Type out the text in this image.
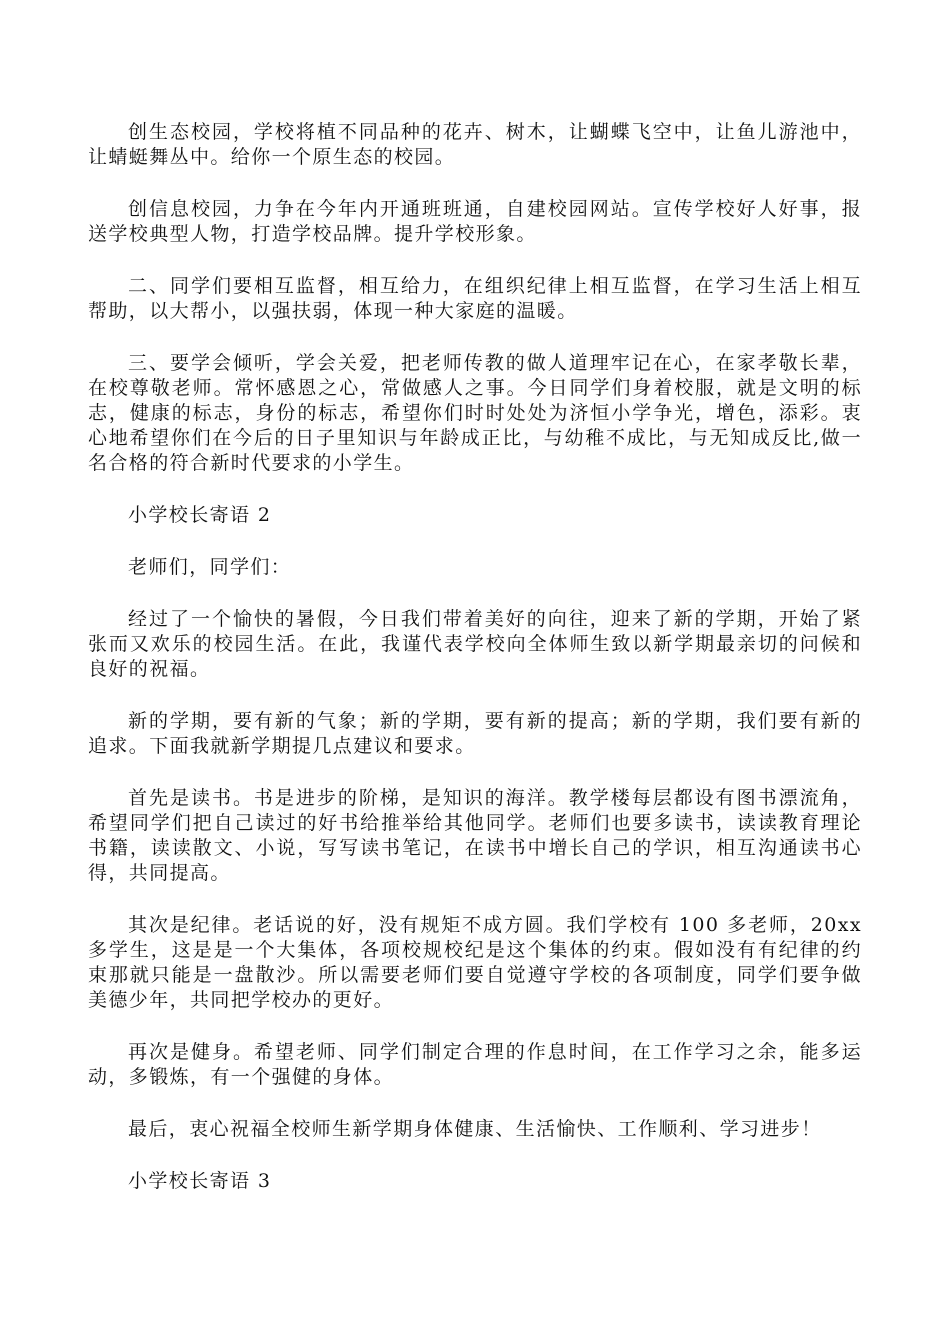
创生态校园，学校将植不同品种的花卉、树木，让蝴蝶飞空中，让鱼儿游池中，让蜻蜓舞丛中。给你一个原生态的校园。

创信息校园，力争在今年内开通班班通，自建校园网站。宣传学校好人好事，报送学校典型人物，打造学校品牌。提升学校形象。

二、同学们要相互监督，相互给力，在组织纪律上相互监督，在学习生活上相互帮助，以大帮小，以强扶弱，体现一种大家庭的温暖。

三、要学会倾听，学会关爱，把老师传教的做人道理牢记在心，在家孝敬长辈，在校尊敬老师。常怀感恩之心，常做感人之事。今日同学们身着校服，就是文明的标志，健康的标志，身份的标志，希望你们时时处处为济恒小学争光，增色，添彩。衷心地希望你们在今后的日子里知识与年龄成正比，与幼稚不成比，与无知成反比,做一名合格的符合新时代要求的小学生。

小学校长寄语 2

老师们，同学们：

经过了一个愉快的暑假，今日我们带着美好的向往，迎来了新的学期，开始了紧张而又欢乐的校园生活。在此，我谨代表学校向全体师生致以新学期最亲切的问候和良好的祝福。

新的学期，要有新的气象；新的学期，要有新的提高；新的学期，我们要有新的追求。下面我就新学期提几点建议和要求。

首先是读书。书是进步的阶梯，是知识的海洋。教学楼每层都设有图书漂流角，希望同学们把自己读过的好书给推举给其他同学。老师们也要多读书，读读教育理论书籍，读读散文、小说，写写读书笔记，在读书中增长自己的学识，相互沟通读书心得，共同提高。

其次是纪律。老话说的好，没有规矩不成方圆。我们学校有 100 多老师，20xx 多学生，这是是一个大集体，各项校规校纪是这个集体的约束。假如没有有纪律的约束那就只能是一盘散沙。所以需要老师们要自觉遵守学校的各项制度，同学们要争做美德少年，共同把学校办的更好。

再次是健身。希望老师、同学们制定合理的作息时间，在工作学习之余，能多运动，多锻炼，有一个强健的身体。

最后，衷心祝福全校师生新学期身体健康、生活愉快、工作顺利、学习进步！

小学校长寄语 3
